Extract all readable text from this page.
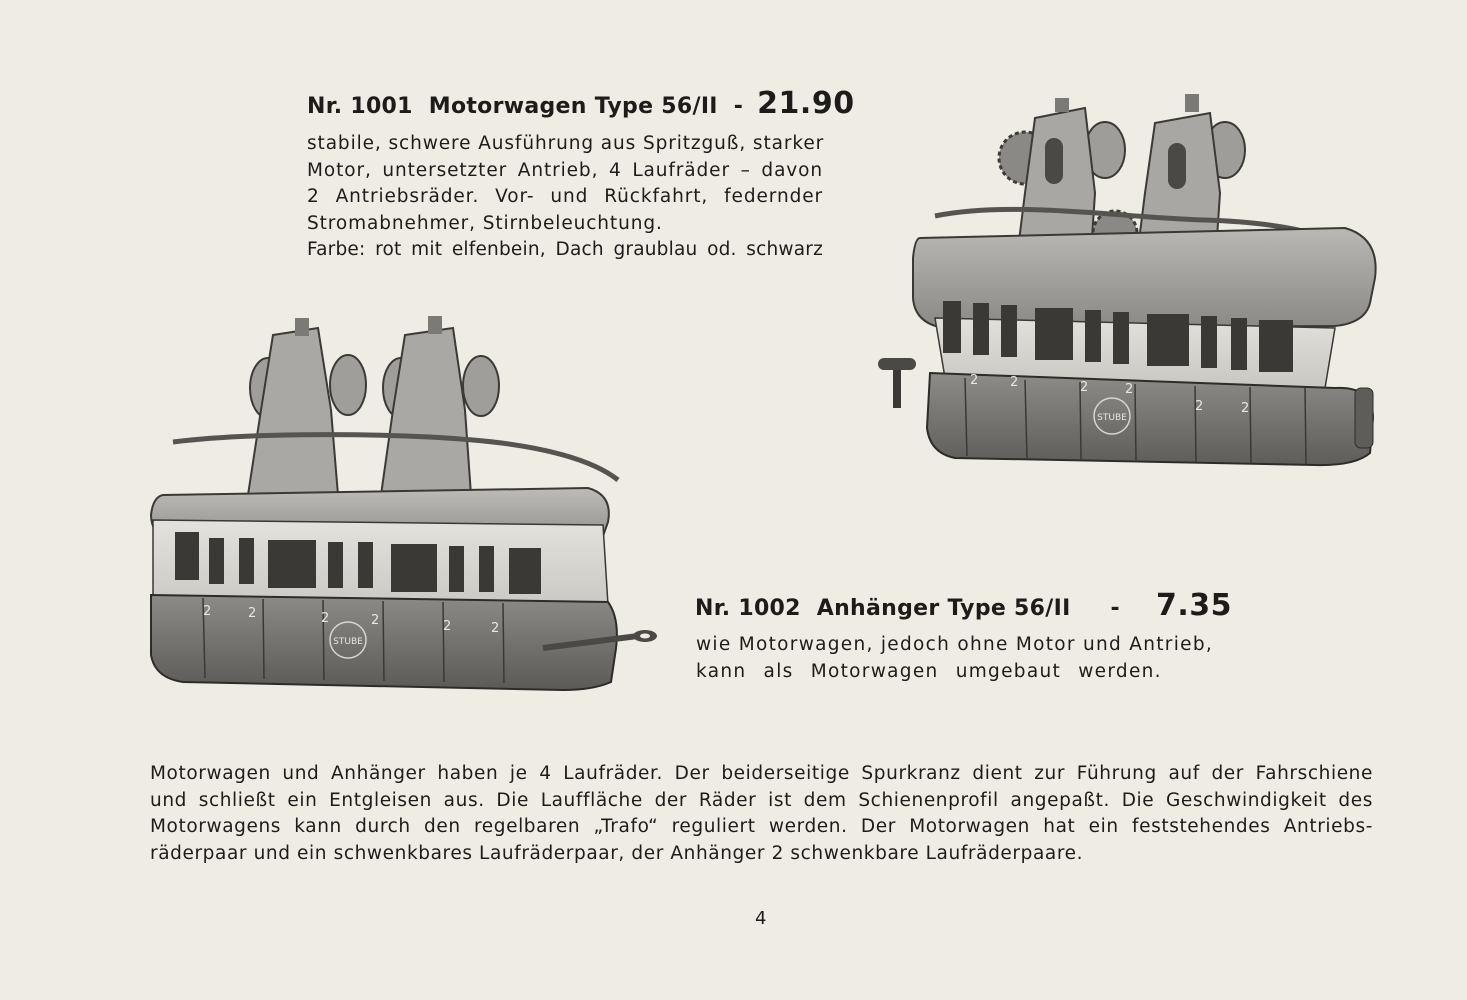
Nr. 1001 Motorwagen Type 56/II - 21.90
stabile, schwere Ausführung aus Spritzguß, starker
Motor, untersetzter Antrieb, 4 Laufräder – davon
2 Antriebsräder. Vor- und Rückfahrt, federnder
Stromabnehmer, Stirnbeleuchtung.
Farbe: rot mit elfenbein, Dach graublau od. schwarz
2 2	2	2
2	2
STUBE
2	2	2	2	2	2
STUBE
Nr. 1002 Anhänger Type 56/II - 7.35
wie Motorwagen, jedoch ohne Motor und Antrieb,
kann als Motorwagen umgebaut werden.
Motorwagen und Anhänger haben je 4 Laufräder. Der beiderseitige Spurkranz dient zur Führung auf der Fahrschiene
und schließt ein Entgleisen aus. Die Lauffläche der Räder ist dem Schienenprofil angepaßt. Die Geschwindigkeit des
Motorwagens kann durch den regelbaren „Trafo“ reguliert werden. Der Motorwagen hat ein feststehendes Antriebs-
räderpaar und ein schwenkbares Laufräderpaar, der Anhänger 2 schwenkbare Laufräderpaare.
4
